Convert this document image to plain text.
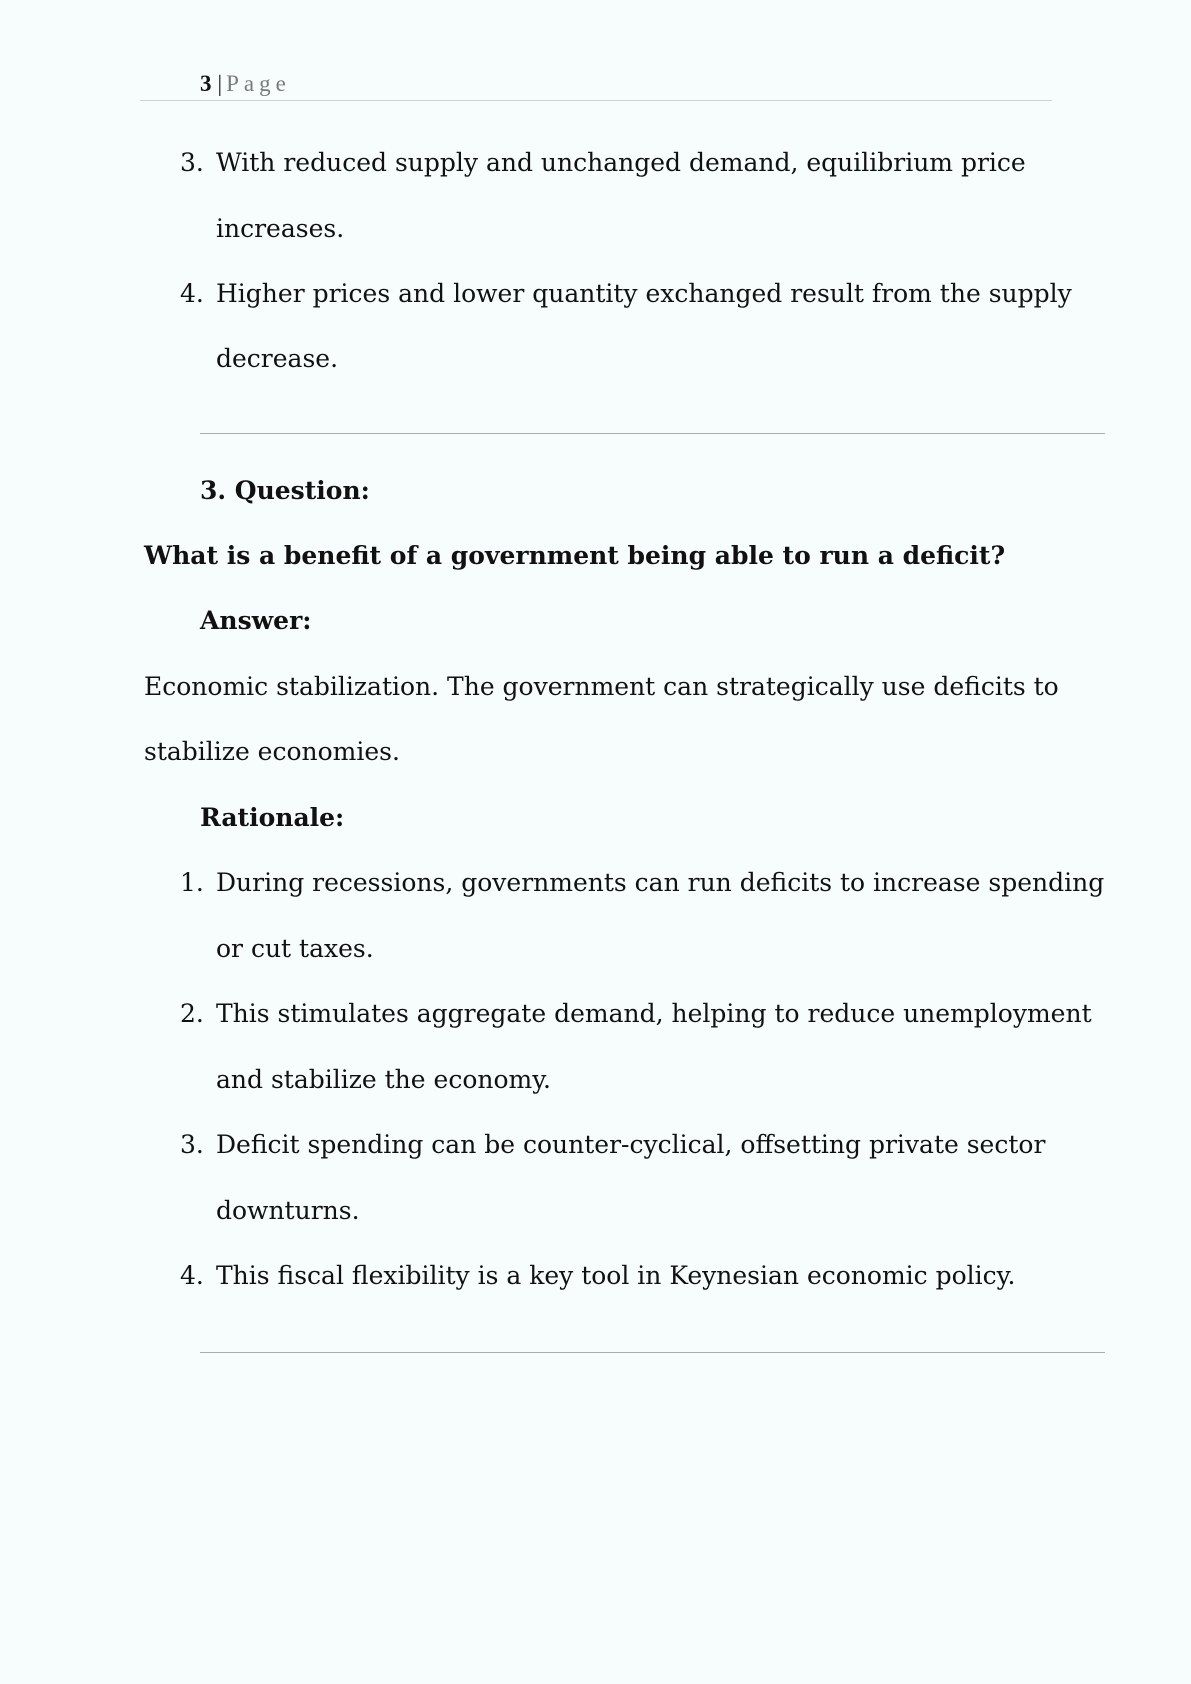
3 | Page
3. With reduced supply and unchanged demand, equilibrium price
increases.
4. Higher prices and lower quantity exchanged result from the supply
decrease.
3. Question:
What is a benefit of a government being able to run a deficit?
Answer:
Economic stabilization. The government can strategically use deficits to
stabilize economies.
Rationale:
1. During recessions, governments can run deficits to increase spending
or cut taxes.
2. This stimulates aggregate demand, helping to reduce unemployment
and stabilize the economy.
3. Deficit spending can be counter-cyclical, offsetting private sector
downturns.
4. This fiscal flexibility is a key tool in Keynesian economic policy.
